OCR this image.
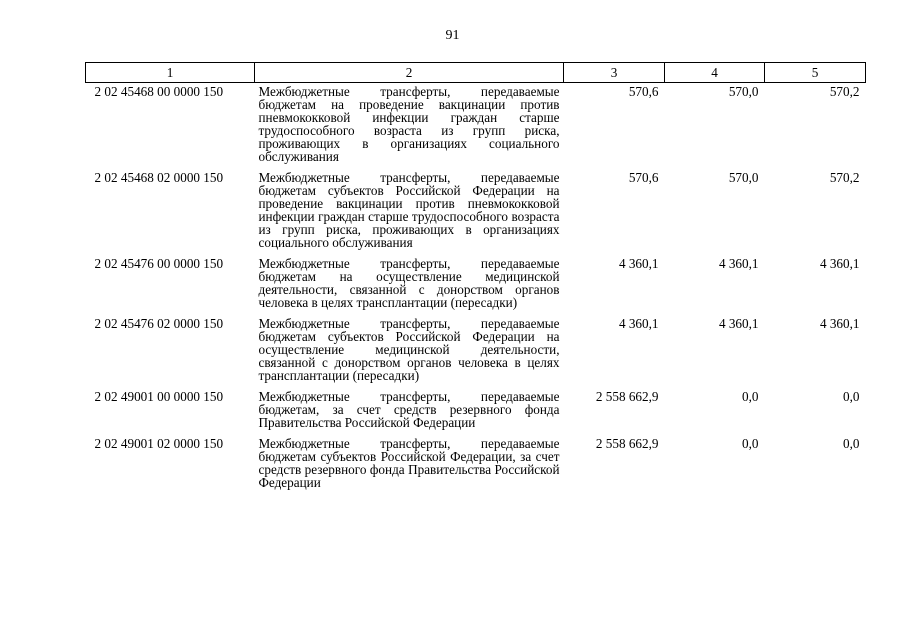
91
1	2	3	4	5
2 02 45468 00 0000 150	Межбюджетные трансферты, передаваемые бюджетам на проведение вакцинации против пневмококковой инфекции граждан старше трудоспособного возраста из групп риска, проживающих в организациях социального обслуживания	570,6	570,0	570,2
2 02 45468 02 0000 150	Межбюджетные трансферты, передаваемые бюджетам субъектов Российской Федерации на проведение вакцинации против пневмококковой инфекции граждан старше трудоспособного возраста из групп риска, проживающих в организациях социального обслуживания	570,6	570,0	570,2
2 02 45476 00 0000 150	Межбюджетные трансферты, передаваемые бюджетам на осуществление медицинской деятельности, связанной с донорством органов человека в целях трансплантации (пересадки)	4 360,1	4 360,1	4 360,1
2 02 45476 02 0000 150	Межбюджетные трансферты, передаваемые бюджетам субъектов Российской Федерации на осуществление медицинской деятельности, связанной с донорством органов человека в целях трансплантации (пересадки)	4 360,1	4 360,1	4 360,1
2 02 49001 00 0000 150	Межбюджетные трансферты, передаваемые бюджетам, за счет средств резервного фонда Правительства Российской Федерации	2 558 662,9	0,0	0,0
2 02 49001 02 0000 150	Межбюджетные трансферты, передаваемые бюджетам субъектов Российской Федерации, за счет средств резервного фонда Правительства Российской Федерации	2 558 662,9	0,0	0,0
